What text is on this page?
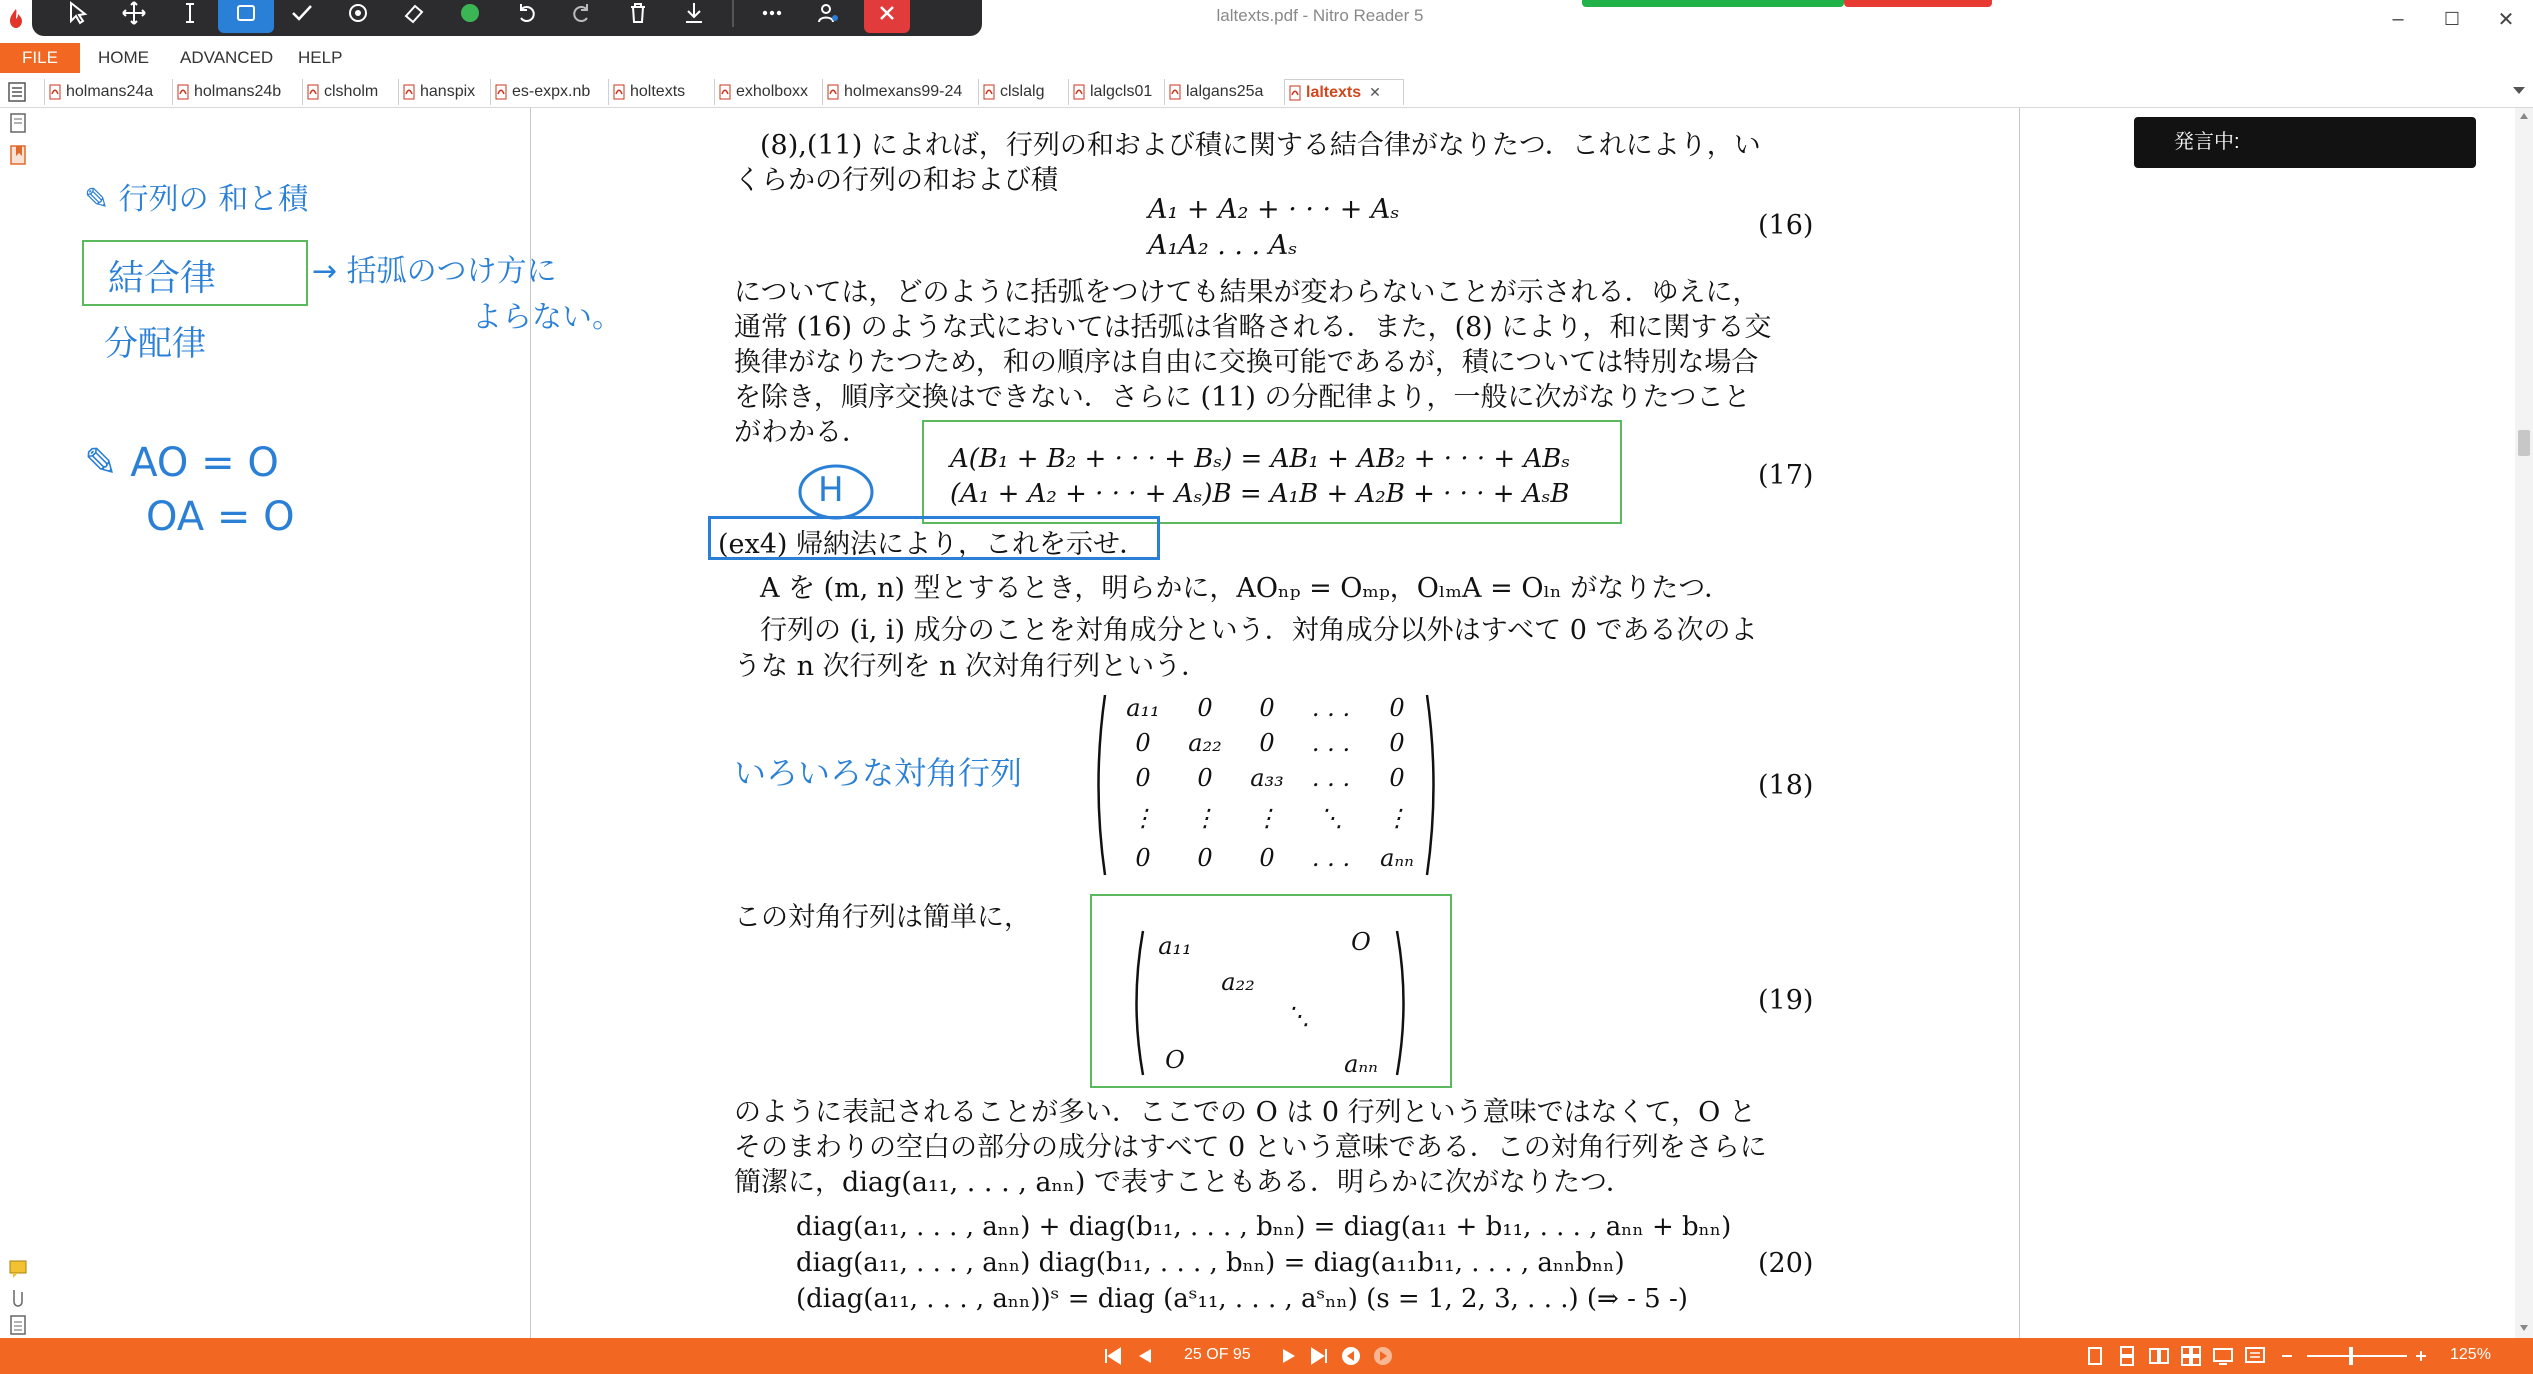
laltexts.pdf - Nitro Reader 5	–	☐	✕
FILE	HOME	ADVANCED	HELP
holmans24a	holmans24b	clsholm	hanspix es-expx.nb holtexts	exholboxx holmexans99-24 clslalg	lalgcls01 lalgans25a	laltexts ✕
(8),(11) によれば，行列の和および積に関する結合律がなりたつ．これにより，い
くらかの行列の和および積
A₁ + A₂ + · · · + Aₛ
A₁A₂ . . . Aₛ
(16)
については，どのように括弧をつけても結果が変わらないことが示される．ゆえに，
通常 (16) のような式においては括弧は省略される．また，(8) により，和に関する交
換律がなりたつため，和の順序は自由に交換可能であるが，積については特別な場合
を除き，順序交換はできない．さらに (11) の分配律より，一般に次がなりたつこと
がわかる．
A(B₁ + B₂ + · · · + Bₛ) = AB₁ + AB₂ + · · · + ABₛ
(A₁ + A₂ + · · · + Aₛ)B = A₁B + A₂B + · · · + AₛB
(17)
(ex4) 帰納法により，これを示せ．
A を (m, n) 型とするとき，明らかに，AOₙₚ = Oₘₚ，OₗₘA = Oₗₙ がなりたつ．
行列の (i, i) 成分のことを対角成分という．対角成分以外はすべて 0 である次のよ
うな n 次行列を n 次対角行列という．
a₁₁	0	0	. . .	0
0	a₂₂	0	. . .	0
0	0	a₃₃	. . .	0
⋮	⋮	⋮	⋱	⋮
0	0	0	. . .	aₙₙ
(18)
この対角行列は簡単に，
a₁₁	O
a₂₂
⋱
O	aₙₙ
(19)
のように表記されることが多い．ここでの O は 0 行列という意味ではなくて，O と
そのまわりの空白の部分の成分はすべて 0 という意味である．この対角行列をさらに
簡潔に，diag(a₁₁, . . . , aₙₙ) で表すこともある．明らかに次がなりたつ．
diag(a₁₁, . . . , aₙₙ) + diag(b₁₁, . . . , bₙₙ) = diag(a₁₁ + b₁₁, . . . , aₙₙ + bₙₙ)
diag(a₁₁, . . . , aₙₙ) diag(b₁₁, . . . , bₙₙ) = diag(a₁₁b₁₁, . . . , aₙₙbₙₙ)
(diag(a₁₁, . . . , aₙₙ))ˢ = diag (aˢ₁₁, . . . , aˢₙₙ) (s = 1, 2, 3, . . .) (⇒ - 5 -)
(20)
✎ 行列の 和と積
結合律	→ 括弧のつけ方に
よらない。
分配律
✎ AO = O
OA = O
H
いろいろな対角行列
発言中:
25 OF 95	125%
